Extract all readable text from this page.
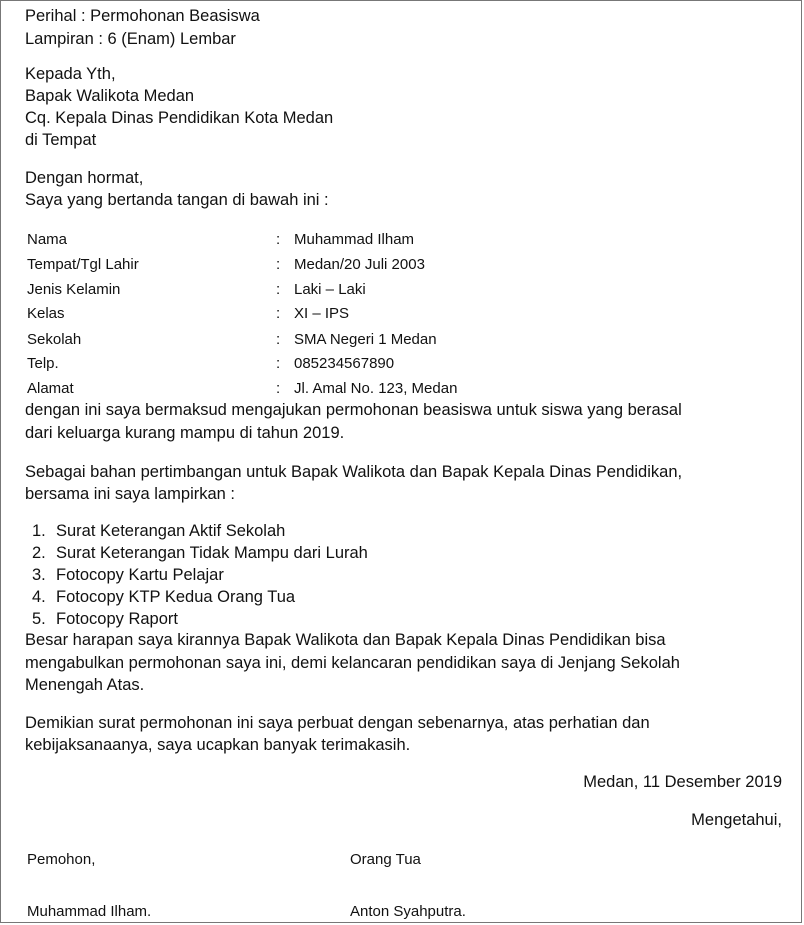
Perihal : Permohonan Beasiswa
Lampiran : 6 (Enam) Lembar
Kepada Yth,
Bapak Walikota Medan
Cq. Kepala Dinas Pendidikan Kota Medan
di Tempat
Dengan hormat,
Saya yang bertanda tangan di bawah ini :
Nama	: Muhammad Ilham
Tempat/Tgl Lahir	: Medan/20 Juli 2003
Jenis Kelamin	: Laki – Laki
Kelas	: XI – IPS
Sekolah	: SMA Negeri 1 Medan
Telp.	: 085234567890
Alamat	: Jl. Amal No. 123, Medan
dengan ini saya bermaksud mengajukan permohonan beasiswa untuk siswa yang berasal
dari keluarga kurang mampu di tahun 2019.
Sebagai bahan pertimbangan untuk Bapak Walikota dan Bapak Kepala Dinas Pendidikan,
bersama ini saya lampirkan :
1. Surat Keterangan Aktif Sekolah
2. Surat Keterangan Tidak Mampu dari Lurah
3. Fotocopy Kartu Pelajar
4. Fotocopy KTP Kedua Orang Tua
5. Fotocopy Raport
Besar harapan saya kirannya Bapak Walikota dan Bapak Kepala Dinas Pendidikan bisa
mengabulkan permohonan saya ini, demi kelancaran pendidikan saya di Jenjang Sekolah
Menengah Atas.
Demikian surat permohonan ini saya perbuat dengan sebenarnya, atas perhatian dan
kebijaksanaanya, saya ucapkan banyak terimakasih.
Medan, 11 Desember 2019
Mengetahui,
Pemohon,	Orang Tua
Muhammad Ilham.	Anton Syahputra.
